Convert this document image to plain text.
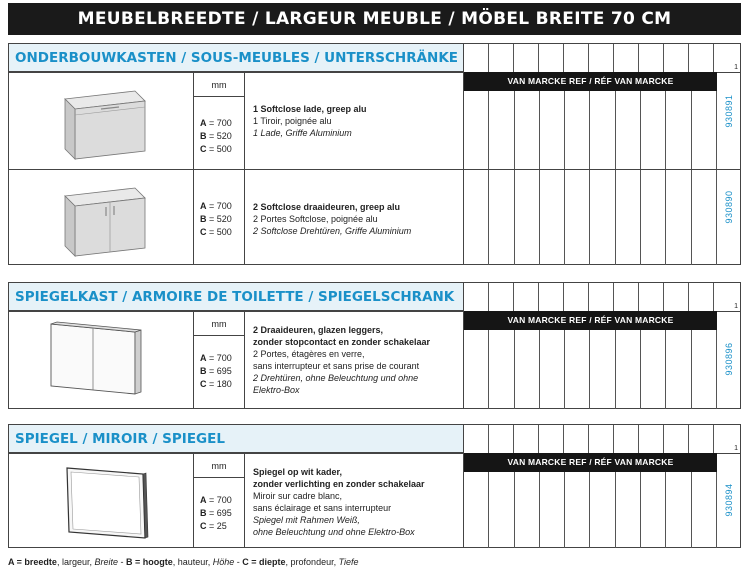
MEUBELBREEDTE / LARGEUR MEUBLE / MÖBEL BREITE 70 CM
ONDERBOUWKASTEN / SOUS-MEUBLES / UNTERSCHRÄNKE
1
mm
A = 700
B = 520
C = 500
1 Softclose lade, greep alu
1 Tiroir, poignée alu
1 Lade, Griffe Aluminium
930891
VAN MARCKE REF / RÉF VAN MARCKE
A = 700
B = 520
C = 500
2 Softclose draaideuren, greep alu
2 Portes Softclose, poignée alu
2 Softclose Drehtüren, Griffe Aluminium
930890
SPIEGELKAST / ARMOIRE DE TOILETTE / SPIEGELSCHRANK
1
mm
A = 700
B = 695
C = 180
2 Draaideuren, glazen leggers,
zonder stopcontact en zonder schakelaar
2 Portes, étagères en verre,
sans interrupteur et sans prise de courant
2 Drehtüren, ohne Beleuchtung und ohne
Elektro-Box
930896
VAN MARCKE REF / RÉF VAN MARCKE
SPIEGEL / MIROIR / SPIEGEL
1
mm
A = 700
B = 695
C = 25
Spiegel op wit kader,
zonder verlichting en zonder schakelaar
Miroir sur cadre blanc,
sans éclairage et sans interrupteur
Spiegel mit Rahmen Weiß,
ohne Beleuchtung und ohne Elektro-Box
930894
VAN MARCKE REF / RÉF VAN MARCKE
A = breedte, largeur, Breite - B = hoogte, hauteur, Höhe - C = diepte, profondeur, Tiefe
